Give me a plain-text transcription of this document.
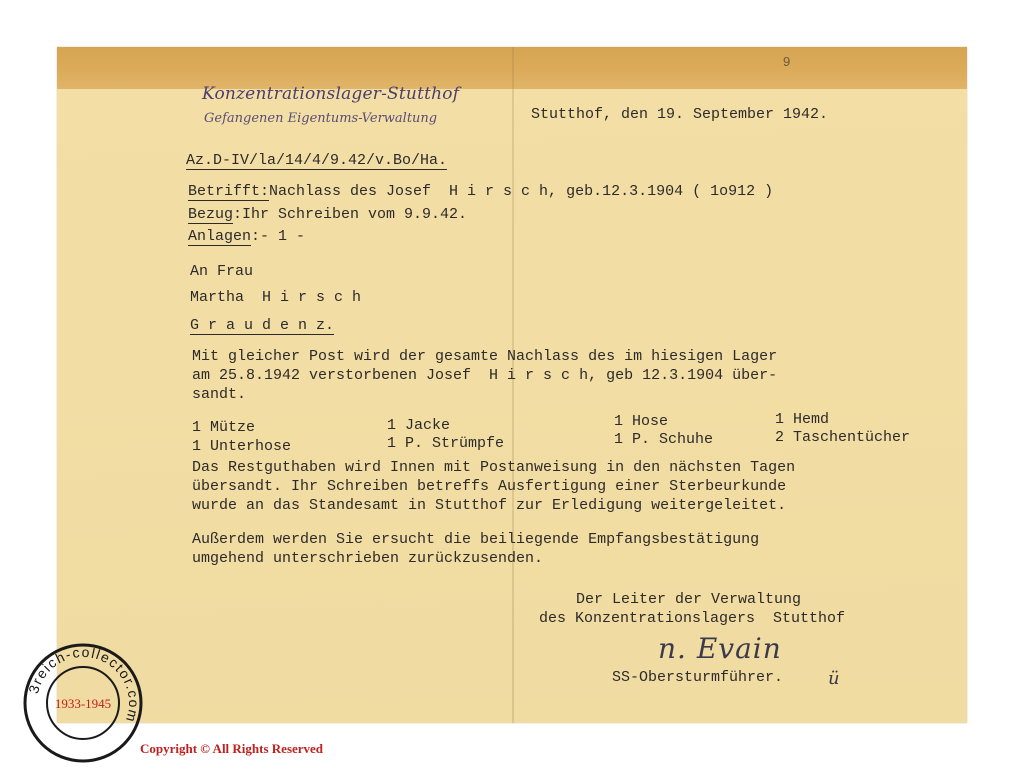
9
Konzentrationslager-Stutthof
Gefangenen Eigentums-Verwaltung	Stutthof, den 19. September 1942.
Az.D-IV/la/14/4/9.42/v.Bo/Ha.
Betrifft:Nachlass des Josef  H i r s c h, geb.12.3.1904 ( 1o912 )
Bezug:Ihr Schreiben vom 9.9.42.
Anlagen:- 1 -
An Frau
Martha  H i r s c h
G r a u d e n z.
Mit gleicher Post wird der gesamte Nachlass des im hiesigen Lager
am 25.8.1942 verstorbenen Josef  H i r s c h, geb 12.3.1904 über-
sandt.
1 Mütze	1 Jacke	1 Hose	1 Hemd
1 Unterhose	1 P. Strümpfe	1 P. Schuhe	2 Taschentücher
Das Restguthaben wird Innen mit Postanweisung in den nächsten Tagen
übersandt. Ihr Schreiben betreffs Ausfertigung einer Sterbeurkunde
wurde an das Standesamt in Stutthof zur Erledigung weitergeleitet.
Außerdem werden Sie ersucht die beiliegende Empfangsbestätigung
umgehend unterschrieben zurückzusenden.
Der Leiter der Verwaltung
des Konzentrationslagers  Stutthof
n. Evain
SS-Obersturmführer. ü
3reich-collector.com
1933-1945
Copyright © All Rights Reserved
